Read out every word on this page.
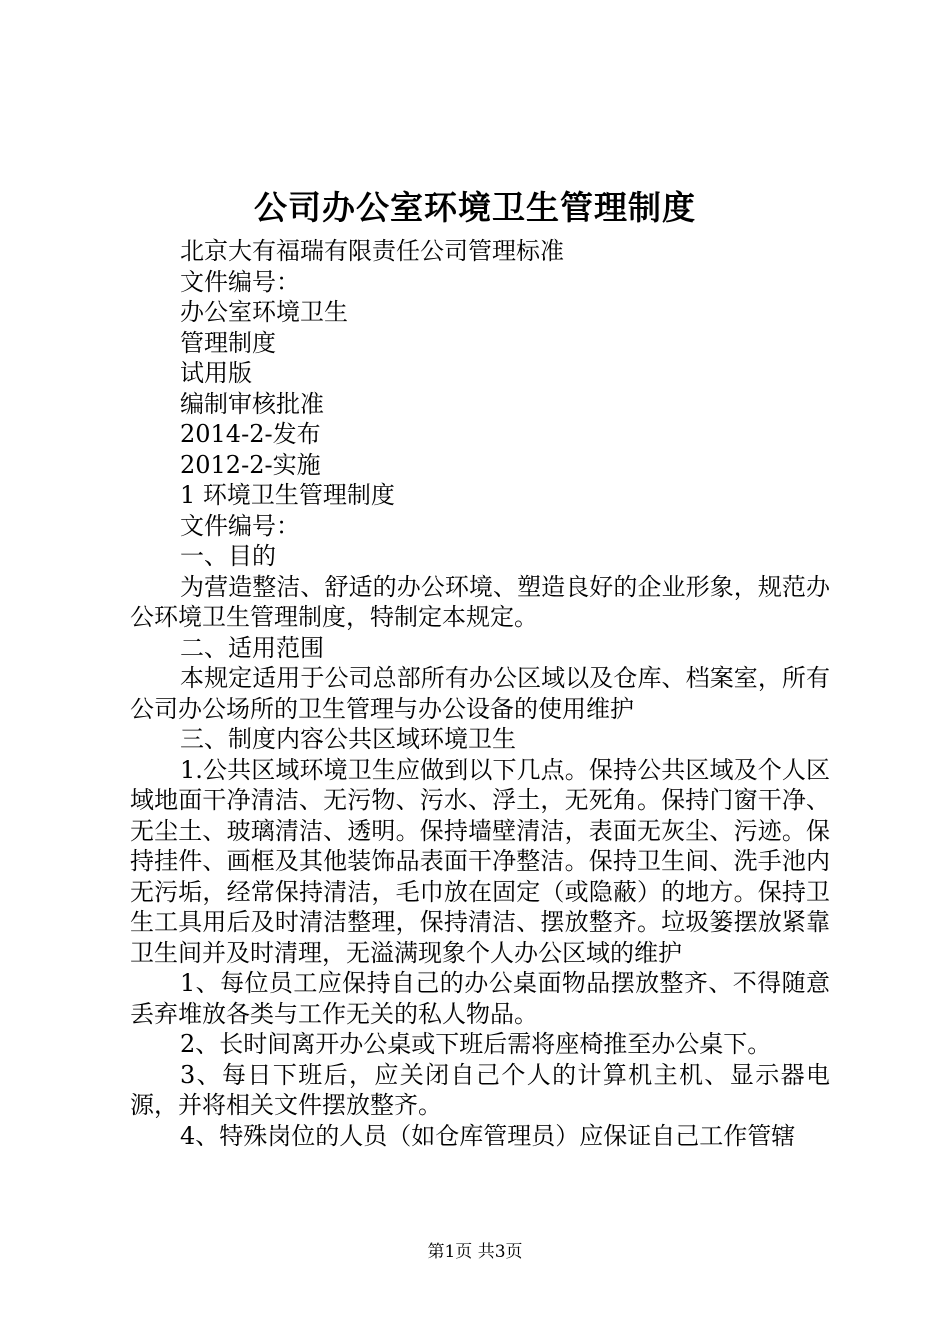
公司办公室环境卫生管理制度

北京大有福瑞有限责任公司管理标准

文件编号：

办公室环境卫生

管理制度

试用版

编制审核批准

2014-2-发布

2012-2-实施

1 环境卫生管理制度

文件编号：

一、目的

为营造整洁、舒适的办公环境、塑造良好的企业形象，规范办公环境卫生管理制度，特制定本规定。

二、适用范围

本规定适用于公司总部所有办公区域以及仓库、档案室，所有公司办公场所的卫生管理与办公设备的使用维护

三、制度内容公共区域环境卫生

1.公共区域环境卫生应做到以下几点。保持公共区域及个人区域地面干净清洁、无污物、污水、浮土，无死角。保持门窗干净、无尘土、玻璃清洁、透明。保持墙壁清洁，表面无灰尘、污迹。保持挂件、画框及其他装饰品表面干净整洁。保持卫生间、洗手池内无污垢，经常保持清洁，毛巾放在固定（或隐蔽）的地方。保持卫生工具用后及时清洁整理，保持清洁、摆放整齐。垃圾篓摆放紧靠卫生间并及时清理，无溢满现象个人办公区域的维护

1、每位员工应保持自己的办公桌面物品摆放整齐、不得随意丢弃堆放各类与工作无关的私人物品。

2、长时间离开办公桌或下班后需将座椅推至办公桌下。

3、每日下班后，应关闭自己个人的计算机主机、显示器电源，并将相关文件摆放整齐。

4、特殊岗位的人员（如仓库管理员）应保证自己工作管辖

第1页 共3页
